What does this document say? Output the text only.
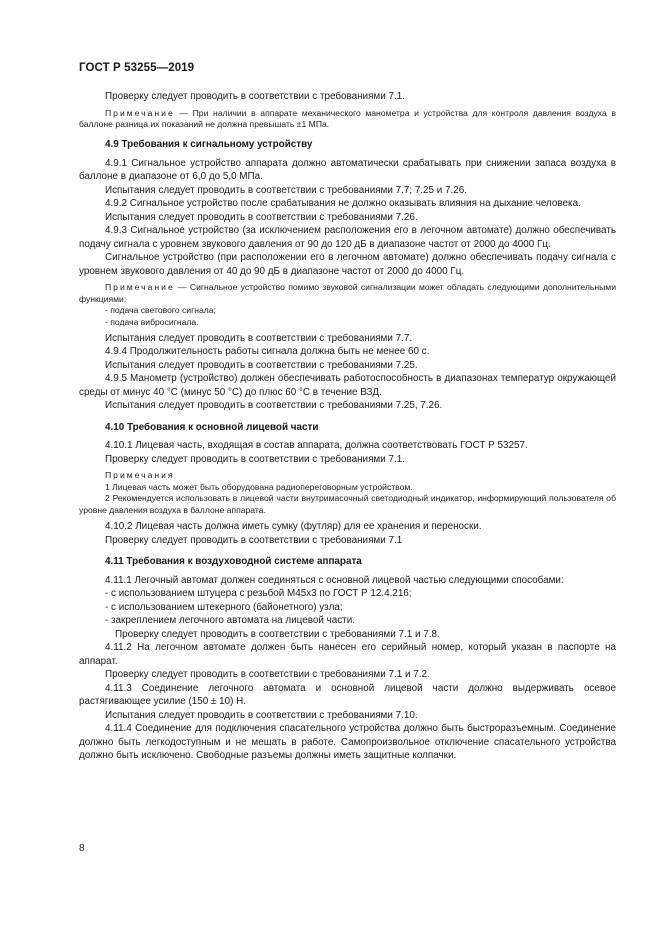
ГОСТ Р 53255—2019

Проверку следует проводить в соответствии с требованиями 7.1.

Примечание — При наличии в аппарате механического манометра и устройства для контроля давления воздуха в баллоне разница их показаний не должна превышать ±1 МПа.

4.9 Требования к сигнальному устройству

4.9.1 Сигнальное устройство аппарата должно автоматически срабатывать при снижении запаса воздуха в баллоне в диапазоне от 6,0 до 5,0 МПа.

Испытания следует проводить в соответствии с требованиями 7.7; 7.25 и 7.26.

4.9.2 Сигнальное устройство после срабатывания не должно оказывать влияния на дыхание человека.

Испытания следует проводить в соответствии с требованиями 7.26.

4.9.3 Сигнальное устройство (за исключением расположения его в легочном автомате) должно обеспечивать подачу сигнала с уровнем звукового давления от 90 до 120 дБ в диапазоне частот от 2000 до 4000 Гц.

Сигнальное устройство (при расположении его в легочном автомате) должно обеспечивать подачу сигнала с уровнем звукового давления от 40 до 90 дБ в диапазоне частот от 2000 до 4000 Гц.

Примечание — Сигнальное устройство помимо звуковой сигнализации может обладать следующими дополнительными функциями:

- подача светового сигнала;

- подача вибросигнала.

Испытания следует проводить в соответствии с требованиями 7.7.

4.9.4 Продолжительность работы сигнала должна быть не менее 60 с.

Испытания следует проводить в соответствии с требованиями 7.25.

4.9.5 Манометр (устройство) должен обеспечивать работоспособность в диапазонах температур окружающей среды от минус 40 °С (минус 50 °С) до плюс 60 °С в течение ВЗД.

Испытания следует проводить в соответствии с требованиями 7.25, 7.26.

4.10 Требования к основной лицевой части

4.10.1 Лицевая часть, входящая в состав аппарата, должна соответствовать ГОСТ Р 53257.

Проверку следует проводить в соответствии с требованиями 7.1.

Примечания

1 Лицевая часть может быть оборудована радиопереговорным устройством.

2 Рекомендуется использовать в лицевой части внутримасочный светодиодный индикатор, информирующий пользователя об уровне давления воздуха в баллоне аппарата.

4.10.2 Лицевая часть должна иметь сумку (футляр) для ее хранения и переноски.

Проверку следует проводить в соответствии с требованиями 7.1

4.11 Требования к воздуховодной системе аппарата

4.11.1 Легочный автомат должен соединяться с основной лицевой частью следующими способами:

- с использованием штуцера с резьбой М45х3 по ГОСТ Р 12.4.216;

- с использованием штекерного (байонетного) узла;

- закреплением легочного автомата на лицевой части.

Проверку следует проводить в соответствии с требованиями 7.1 и 7.8.

4.11.2 На легочном автомате должен быть нанесен его серийный номер, который указан в паспорте на аппарат.

Проверку следует проводить в соответствии с требованиями 7.1 и 7.2.

4.11.3 Соединение легочного автомата и основной лицевой части должно выдерживать осевое растягивающее усилие (150 ± 10) Н.

Испытания следует проводить в соответствии с требованиями 7.10.

4.11.4 Соединение для подключения спасательного устройства должно быть быстроразъемным. Соединение должно быть легкодоступным и не мешать в работе. Самопроизвольное отключение спасательного устройства должно быть исключено. Свободные разъемы должны иметь защитные колпачки.

8
